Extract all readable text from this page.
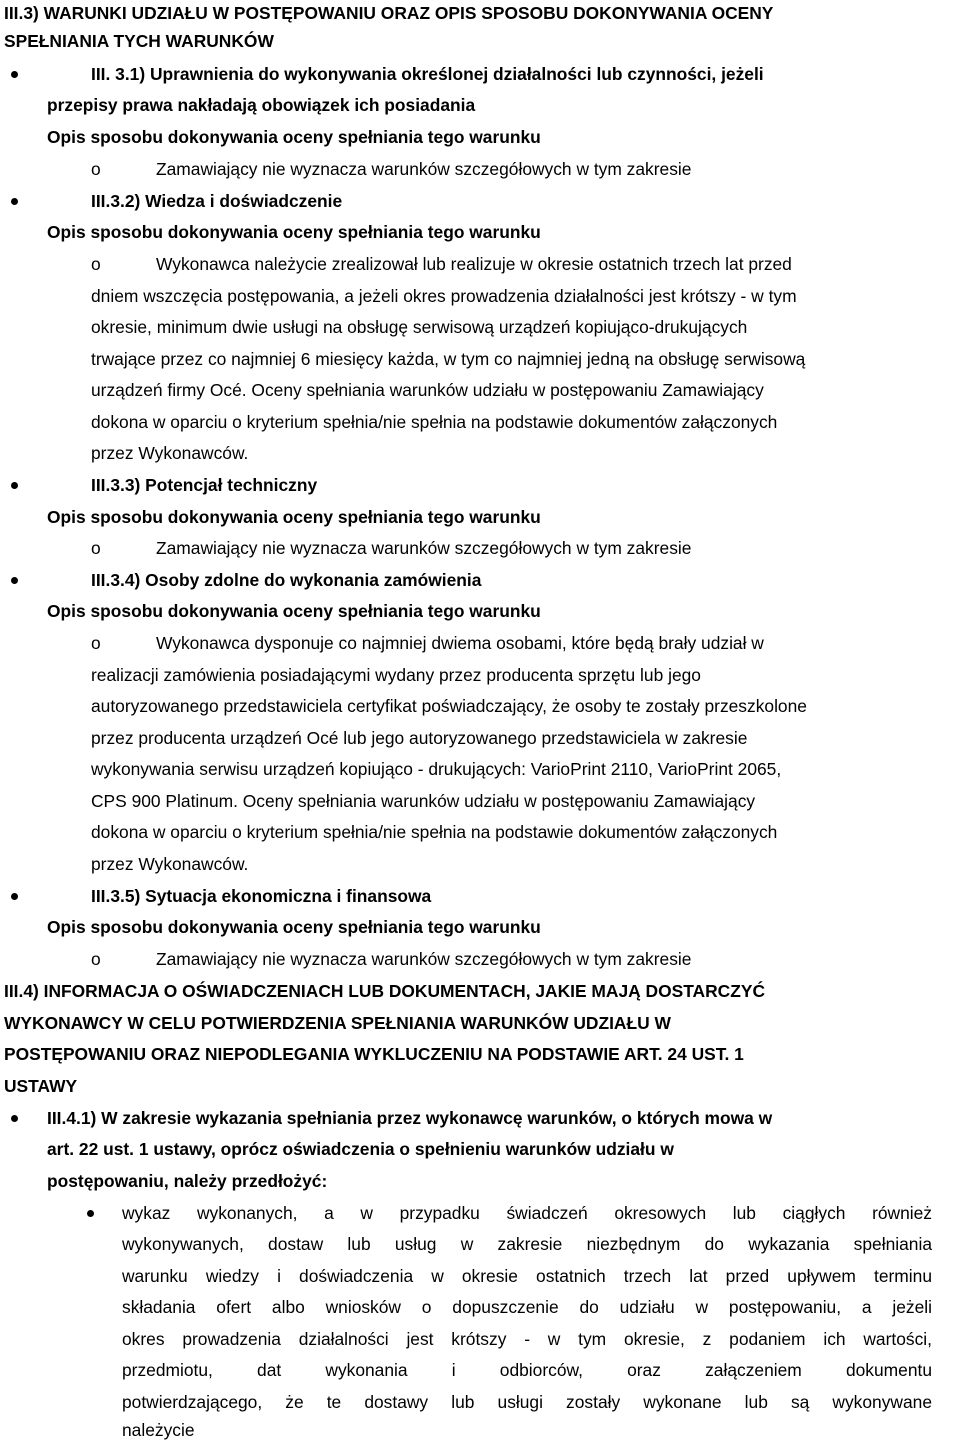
III.3) WARUNKI UDZIAŁU W POSTĘPOWANIU ORAZ OPIS SPOSOBU DOKONYWANIA OCENY
SPEŁNIANIA TYCH WARUNKÓW
III. 3.1) Uprawnienia do wykonywania określonej działalności lub czynności, jeżeli
przepisy prawa nakładają obowiązek ich posiadania
Opis sposobu dokonywania oceny spełniania tego warunku
o	Zamawiający nie wyznacza warunków szczegółowych w tym zakresie
III.3.2) Wiedza i doświadczenie
Opis sposobu dokonywania oceny spełniania tego warunku
o	Wykonawca należycie zrealizował lub realizuje w okresie ostatnich trzech lat przed
dniem wszczęcia postępowania, a jeżeli okres prowadzenia działalności jest krótszy - w tym
okresie, minimum dwie usługi na obsługę serwisową urządzeń kopiująco-drukujących
trwające przez co najmniej 6 miesięcy każda, w tym co najmniej jedną na obsługę serwisową
urządzeń firmy Océ. Oceny spełniania warunków udziału w postępowaniu Zamawiający
dokona w oparciu o kryterium spełnia/nie spełnia na podstawie dokumentów załączonych
przez Wykonawców.
III.3.3) Potencjał techniczny
Opis sposobu dokonywania oceny spełniania tego warunku
o	Zamawiający nie wyznacza warunków szczegółowych w tym zakresie
III.3.4) Osoby zdolne do wykonania zamówienia
Opis sposobu dokonywania oceny spełniania tego warunku
o	Wykonawca dysponuje co najmniej dwiema osobami, które będą brały udział w
realizacji zamówienia posiadającymi wydany przez producenta sprzętu lub jego
autoryzowanego przedstawiciela certyfikat poświadczający, że osoby te zostały przeszkolone
przez producenta urządzeń Océ lub jego autoryzowanego przedstawiciela w zakresie
wykonywania serwisu urządzeń kopiująco - drukujących: VarioPrint 2110, VarioPrint 2065,
CPS 900 Platinum. Oceny spełniania warunków udziału w postępowaniu Zamawiający
dokona w oparciu o kryterium spełnia/nie spełnia na podstawie dokumentów załączonych
przez Wykonawców.
III.3.5) Sytuacja ekonomiczna i finansowa
Opis sposobu dokonywania oceny spełniania tego warunku
o	Zamawiający nie wyznacza warunków szczegółowych w tym zakresie
III.4) INFORMACJA O OŚWIADCZENIACH LUB DOKUMENTACH, JAKIE MAJĄ DOSTARCZYĆ
WYKONAWCY W CELU POTWIERDZENIA SPEŁNIANIA WARUNKÓW UDZIAŁU W
POSTĘPOWANIU ORAZ NIEPODLEGANIA WYKLUCZENIU NA PODSTAWIE ART. 24 UST. 1
USTAWY
III.4.1) W zakresie wykazania spełniania przez wykonawcę warunków, o których mowa w
art. 22 ust. 1 ustawy, oprócz oświadczenia o spełnieniu warunków udziału w
postępowaniu, należy przedłożyć:
wykaz wykonanych, a w przypadku świadczeń okresowych lub ciągłych również
wykonywanych, dostaw lub usług w zakresie niezbędnym do wykazania spełniania
warunku wiedzy i doświadczenia w okresie ostatnich trzech lat przed upływem terminu
składania ofert albo wniosków o dopuszczenie do udziału w postępowaniu, a jeżeli
okres prowadzenia działalności jest krótszy - w tym okresie, z podaniem ich wartości,
przedmiotu, dat wykonania i odbiorców, oraz załączeniem dokumentu
potwierdzającego, że te dostawy lub usługi zostały wykonane lub są wykonywane
należycie
